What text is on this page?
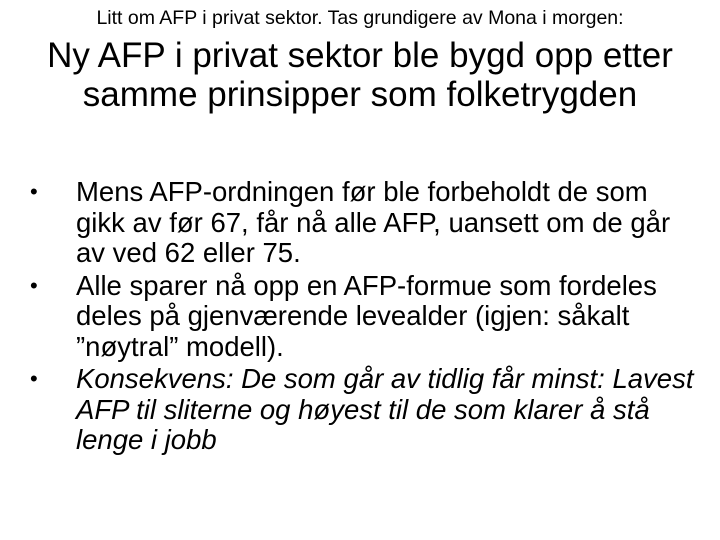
Litt om AFP i privat sektor. Tas grundigere av Mona i morgen:
Ny AFP i privat sektor ble bygd opp etter samme prinsipper som folketrygden
• Mens AFP-ordningen før ble forbeholdt de som gikk av før 67, får nå alle AFP, uansett om de går av ved 62 eller 75.
• Alle sparer nå opp en AFP-formue som fordeles deles på gjenværende levealder (igjen: såkalt ”nøytral” modell).
• Konsekvens: De som går av tidlig får minst: Lavest AFP til sliterne og høyest til de som klarer å stå lenge i jobb
